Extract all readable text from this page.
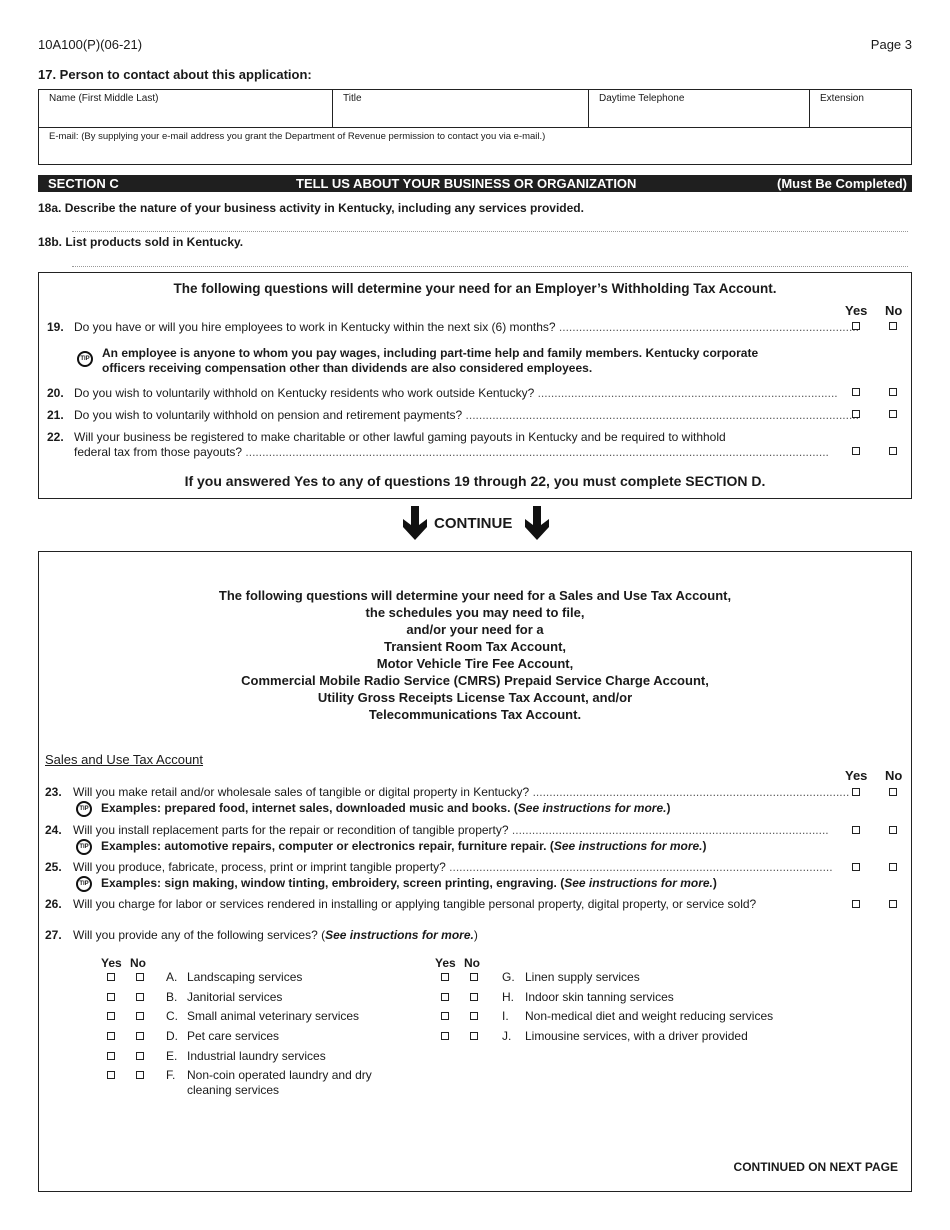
10A100(P)(06-21)	Page 3
17. Person to contact about this application:
Name (First Middle Last)	Title	Daytime Telephone	Extension
E-mail: (By supplying your e-mail address you grant the Department of Revenue permission to contact you via e-mail.)
SECTION C	TELL US ABOUT YOUR BUSINESS OR ORGANIZATION	(Must Be Completed)
18a. Describe the nature of your business activity in Kentucky, including any services provided.
18b. List products sold in Kentucky.
The following questions will determine your need for an Employer’s Withholding Tax Account.
Yes No
19. Do you have or will you hire employees to work in Kentucky within the next six (6) months? ..........................................................................................
TIP An employee is anyone to whom you pay wages, including part-time help and family members. Kentucky corporate
officers receiving compensation other than dividends are also considered employees.
20. Do you wish to voluntarily withhold on Kentucky residents who work outside Kentucky? ..........................................................................................
21. Do you wish to voluntarily withhold on pension and retirement payments? ......................................................................................................................
22. Will your business be registered to make charitable or other lawful gaming payouts in Kentucky and be required to withhold
federal tax from those payouts? ...............................................................................................................................................................................
If you answered Yes to any of questions 19 through 22, you must complete SECTION D.
CONTINUE
The following questions will determine your need for a Sales and Use Tax Account,
the schedules you may need to file,
and/or your need for a
Transient Room Tax Account,
Motor Vehicle Tire Fee Account,
Commercial Mobile Radio Service (CMRS) Prepaid Service Charge Account,
Utility Gross Receipts License Tax Account, and/or
Telecommunications Tax Account.
Sales and Use Tax Account
Yes No
23. Will you make retail and/or wholesale sales of tangible or digital property in Kentucky? ...............................................................................................
TIP Examples: prepared food, internet sales, downloaded music and books. (See instructions for more.)
24. Will you install replacement parts for the repair or recondition of tangible property? ...............................................................................................
TIP Examples: automotive repairs, computer or electronics repair, furniture repair. (See instructions for more.)
25. Will you produce, fabricate, process, print or imprint tangible property? ...................................................................................................................
TIP Examples: sign making, window tinting, embroidery, screen printing, engraving. (See instructions for more.)
26. Will you charge for labor or services rendered in installing or applying tangible personal property, digital property, or service sold?
27. Will you provide any of the following services? (See instructions for more.)
Yes No	Yes No
A. Landscaping services
B. Janitorial services
C. Small animal veterinary services
D. Pet care services
E. Industrial laundry services
F. Non-coin operated laundry and dry
cleaning services
G. Linen supply services
H. Indoor skin tanning services
I. Non-medical diet and weight reducing services
J. Limousine services, with a driver provided
CONTINUED ON NEXT PAGE
